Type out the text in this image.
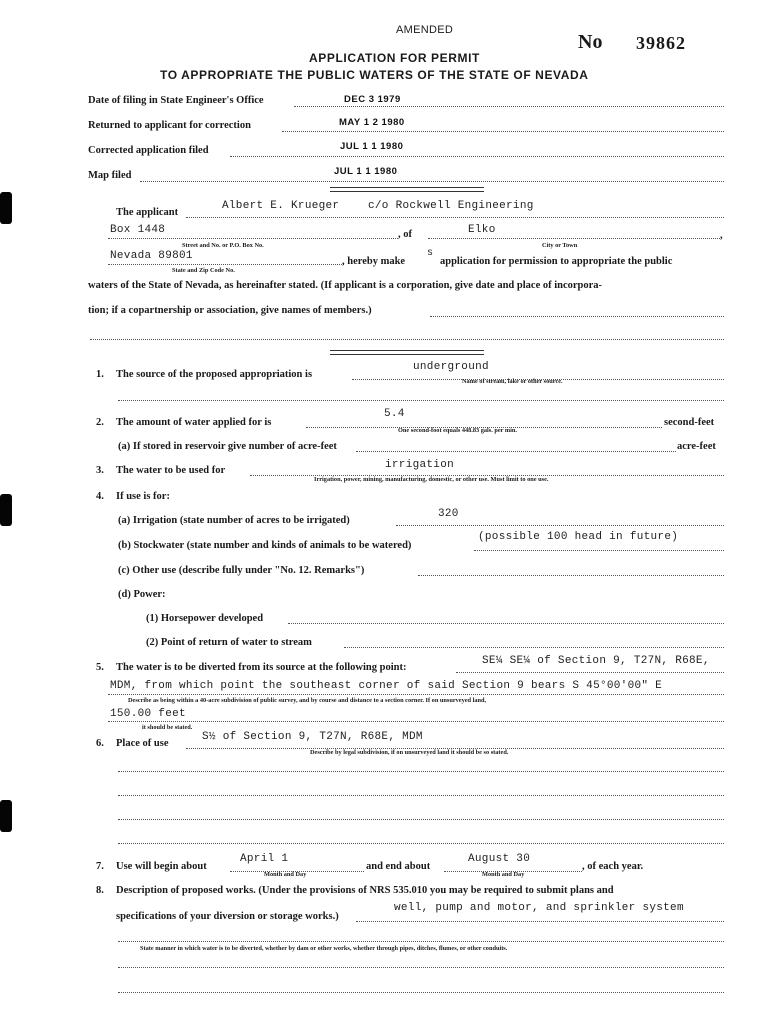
AMENDED
No 39862
APPLICATION FOR PERMIT
TO APPROPRIATE THE PUBLIC WATERS OF THE STATE OF NEVADA
Date of filing in State Engineer's Office	DEC 3 1979
Returned to applicant for correction	MAY 1 2 1980
Corrected application filed	JUL 1 1 1980
Map filed	JUL 1 1 1980
The applicant
Albert E. Krueger	c/o Rockwell Engineering
Box 1448	, of	,
Elko
Street and No. or P.O. Box No.	City or Town
Nevada 89801	, hereby make
s
application for permission to appropriate the public
State and Zip Code No.
waters of the State of Nevada, as hereinafter stated. (If applicant is a corporation, give date and place of incorpora-
tion; if a copartnership or association, give names of members.)
1. The source of the proposed appropriation is
underground
Name of stream, lake or other source.
2. The amount of water applied for is
5.4
second-feet
One second-foot equals 448.83 gals. per min.
(a) If stored in reservoir give number of acre-feet	acre-feet
3. The water to be used for	irrigation
Irrigation, power, mining, manufacturing, domestic, or other use. Must limit to one use.
4. If use is for:
(a) Irrigation (state number of acres to be irrigated)
320
(b) Stockwater (state number and kinds of animals to be watered)
(possible 100 head in future)
(c) Other use (describe fully under "No. 12. Remarks")
(d) Power:
(1) Horsepower developed
(2) Point of return of water to stream
5. The water is to be diverted from its source at the following point:
SE¼ SE¼ of Section 9, T27N, R68E,
MDM, from which point the southeast corner of said Section 9 bears S 45°00'00" E
Describe as being within a 40-acre subdivision of public survey, and by course and distance to a section corner. If on unsurveyed land,
150.00 feet
it should be stated.
6. Place of use
S½ of Section 9, T27N, R68E, MDM
Describe by legal subdivision, if on unsurveyed land it should be so stated.
7. Use will begin about
April 1
and end about
August 30
, of each year.
Month and Day	Month and Day
8. Description of proposed works. (Under the provisions of NRS 535.010 you may be required to submit plans and
specifications of your diversion or storage works.)
well, pump and motor, and sprinkler system
State manner in which water is to be diverted, whether by dam or other works, whether through pipes, ditches, flumes, or other conduits.
